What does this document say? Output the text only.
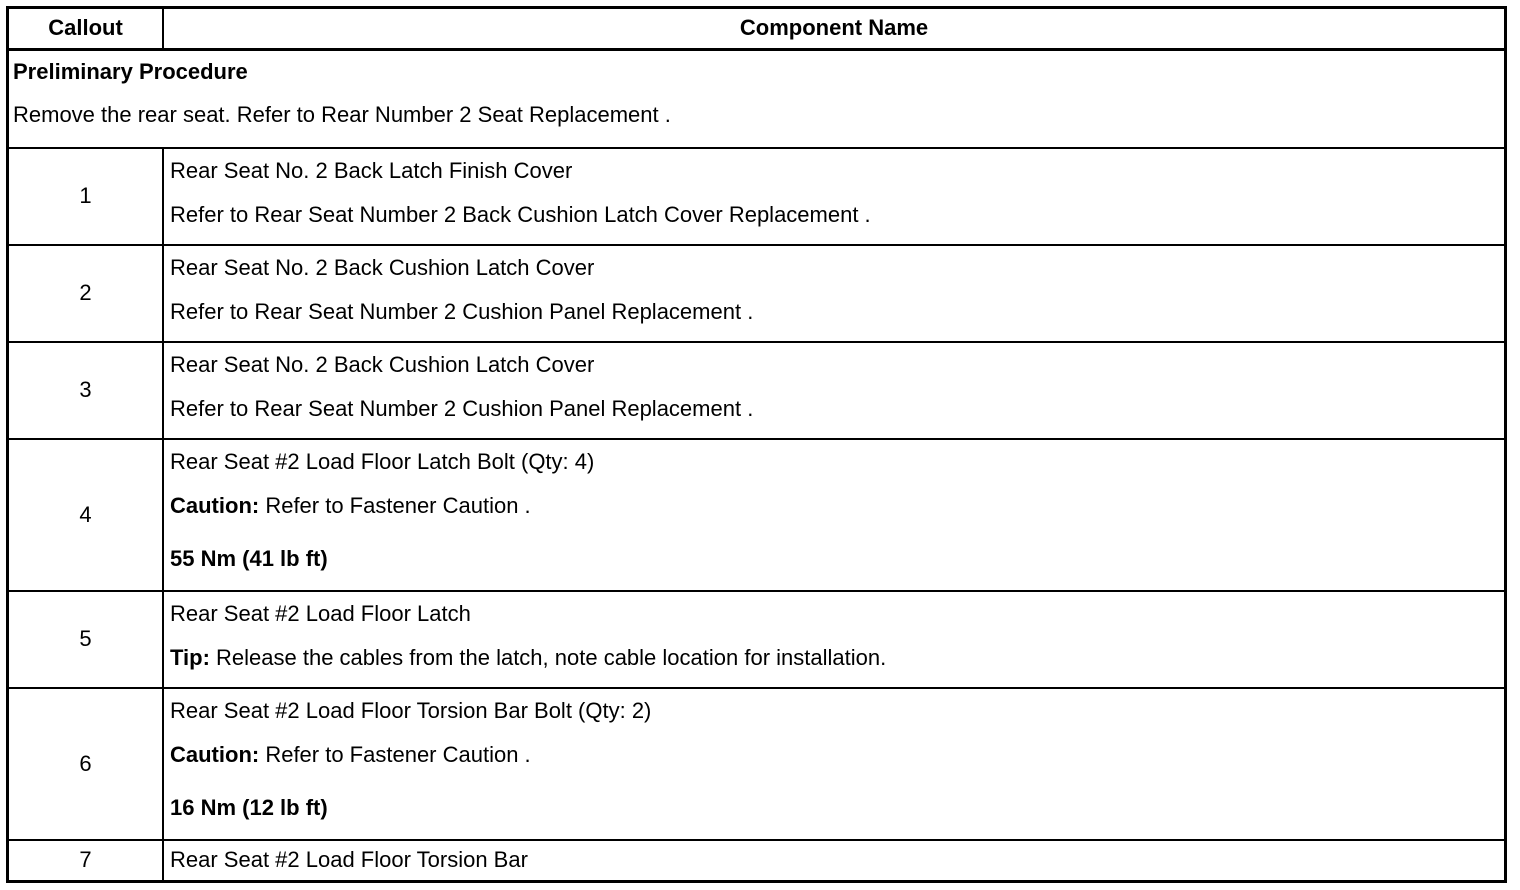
Callout	Component Name
Preliminary Procedure
Remove the rear seat. Refer to Rear Number 2 Seat Replacement .
1
Rear Seat No. 2 Back Latch Finish Cover
Refer to Rear Seat Number 2 Back Cushion Latch Cover Replacement .
2
Rear Seat No. 2 Back Cushion Latch Cover
Refer to Rear Seat Number 2 Cushion Panel Replacement .
3
Rear Seat No. 2 Back Cushion Latch Cover
Refer to Rear Seat Number 2 Cushion Panel Replacement .
4
Rear Seat #2 Load Floor Latch Bolt (Qty: 4)
Caution: Refer to Fastener Caution .
55 Nm (41 lb ft)
5
Rear Seat #2 Load Floor Latch
Tip: Release the cables from the latch, note cable location for installation.
6
Rear Seat #2 Load Floor Torsion Bar Bolt (Qty: 2)
Caution: Refer to Fastener Caution .
16 Nm (12 lb ft)
7	Rear Seat #2 Load Floor Torsion Bar
